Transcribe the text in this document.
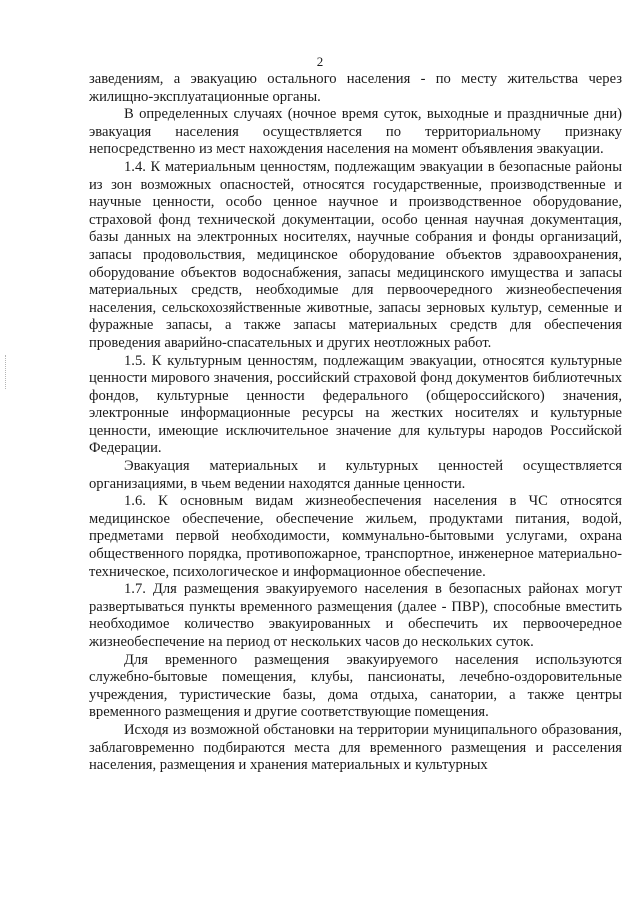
2

заведениям, а эвакуацию остального населения - по месту жительства через жилищно-эксплуатационные органы.

В определенных случаях (ночное время суток, выходные и праздничные дни) эвакуация населения осуществляется по территориальному признаку непосредственно из мест нахождения населения на момент объявления эвакуации.

1.4. К материальным ценностям, подлежащим эвакуации в безопасные районы из зон возможных опасностей, относятся государственные, производственные и научные ценности, особо ценное научное и производственное оборудование, страховой фонд технической документации, особо ценная научная документация, базы данных на электронных носителях, научные собрания и фонды организаций, запасы продовольствия, медицинское оборудование объектов здравоохранения, оборудование объектов водоснабжения, запасы медицинского имущества и запасы материальных средств, необходимые для первоочередного жизнеобеспечения населения, сельскохозяйственные животные, запасы зерновых культур, семенные и фуражные запасы, а также запасы материальных средств для обеспечения проведения аварийно-спасательных и других неотложных работ.

1.5. К культурным ценностям, подлежащим эвакуации, относятся культурные ценности мирового значения, российский страховой фонд документов библиотечных фондов, культурные ценности федерального (общероссийского) значения, электронные информационные ресурсы на жестких носителях и культурные ценности, имеющие исключительное значение для культуры народов Российской Федерации.

Эвакуация материальных и культурных ценностей осуществляется организациями, в чьем ведении находятся данные ценности.

1.6. К основным видам жизнеобеспечения населения в ЧС относятся медицинское обеспечение, обеспечение жильем, продуктами питания, водой, предметами первой необходимости, коммунально-бытовыми услугами, охрана общественного порядка, противопожарное, транспортное, инженерное материально-техническое, психологическое и информационное обеспечение.

1.7. Для размещения эвакуируемого населения в безопасных районах могут развертываться пункты временного размещения (далее - ПВР), способные вместить необходимое количество эвакуированных и обеспечить их первоочередное жизнеобеспечение на период от нескольких часов до нескольких суток.

Для временного размещения эвакуируемого населения используются служебно-бытовые помещения, клубы, пансионаты, лечебно-оздоровительные учреждения, туристические базы, дома отдыха, санатории, а также центры временного размещения и другие соответствующие помещения.

Исходя из возможной обстановки на территории муниципального образования, заблаговременно подбираются места для временного размещения и расселения населения, размещения и хранения материальных и культурных
